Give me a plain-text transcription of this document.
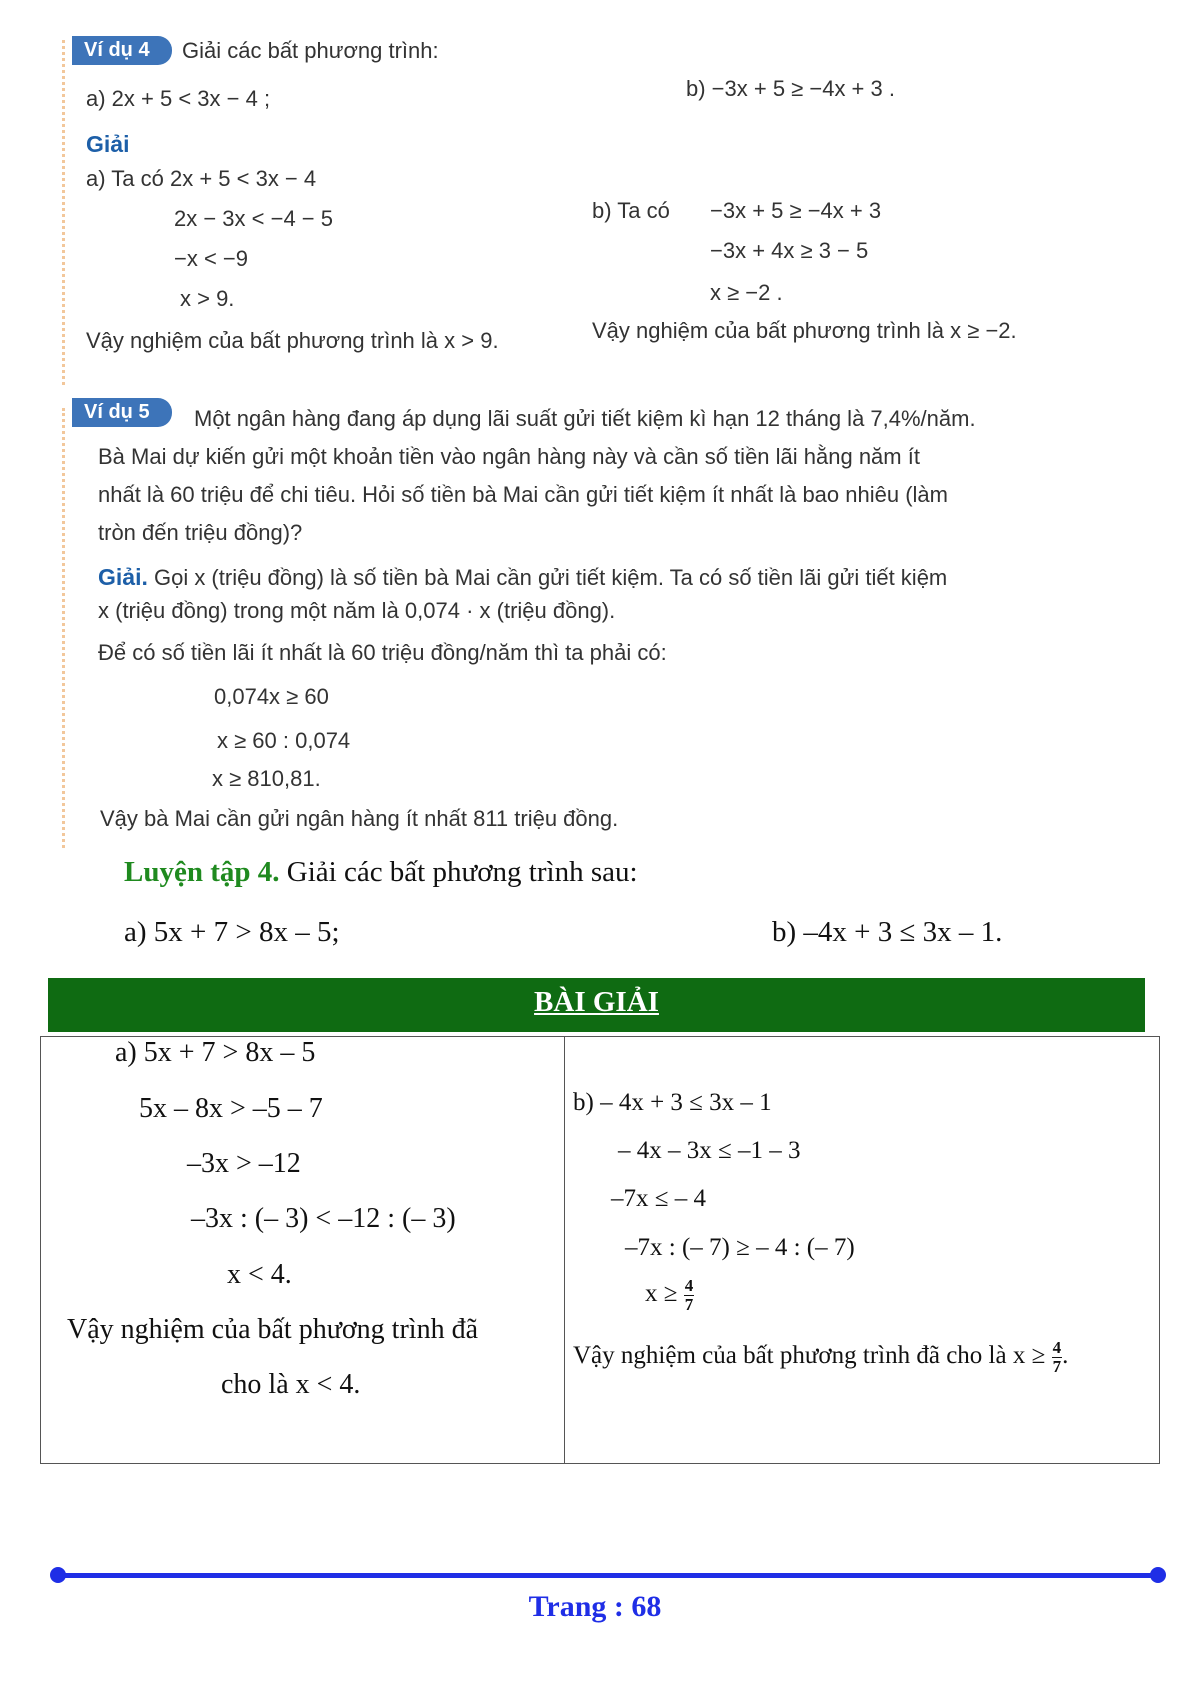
Ví dụ 4	Giải các bất phương trình:
a) 2x + 5 < 3x − 4 ;	b) −3x + 5 ≥ −4x + 3 .
Giải
a) Ta có 2x + 5 < 3x − 4
2x − 3x < −4 − 5
−x < −9
x > 9.
Vậy nghiệm của bất phương trình là x > 9.
b) Ta có −3x + 5 ≥ −4x + 3
−3x + 4x ≥ 3 − 5
x ≥ −2 .
Vậy nghiệm của bất phương trình là x ≥ −2.
Ví dụ 5	Một ngân hàng đang áp dụng lãi suất gửi tiết kiệm kì hạn 12 tháng là 7,4%/năm.
Bà Mai dự kiến gửi một khoản tiền vào ngân hàng này và cần số tiền lãi hằng năm ít
nhất là 60 triệu để chi tiêu. Hỏi số tiền bà Mai cần gửi tiết kiệm ít nhất là bao nhiêu (làm
tròn đến triệu đồng)?
Giải. Gọi x (triệu đồng) là số tiền bà Mai cần gửi tiết kiệm. Ta có số tiền lãi gửi tiết kiệm
x (triệu đồng) trong một năm là 0,074 · x (triệu đồng).
Để có số tiền lãi ít nhất là 60 triệu đồng/năm thì ta phải có:
0,074x ≥ 60
x ≥ 60 : 0,074
x ≥ 810,81.
Vậy bà Mai cần gửi ngân hàng ít nhất 811 triệu đồng.
Luyện tập 4. Giải các bất phương trình sau:
a) 5x + 7 > 8x – 5;	b) –4x + 3 ≤ 3x – 1.
BÀI GIẢI
a) 5x + 7 > 8x – 5
5x – 8x > –5 – 7
–3x > –12
–3x : (– 3) < –12 : (– 3)
x < 4.
Vậy nghiệm của bất phương trình đã
cho là x < 4.
b) – 4x + 3 ≤ 3x – 1
– 4x – 3x ≤ –1 – 3
–7x ≤ – 4
–7x : (– 7) ≥ – 4 : (– 7)
$x \ge \frac{4}{7}$
Vậy nghiệm của bất phương trình đã cho là $x \ge \frac{4}{7}$ .
Trang : 68
